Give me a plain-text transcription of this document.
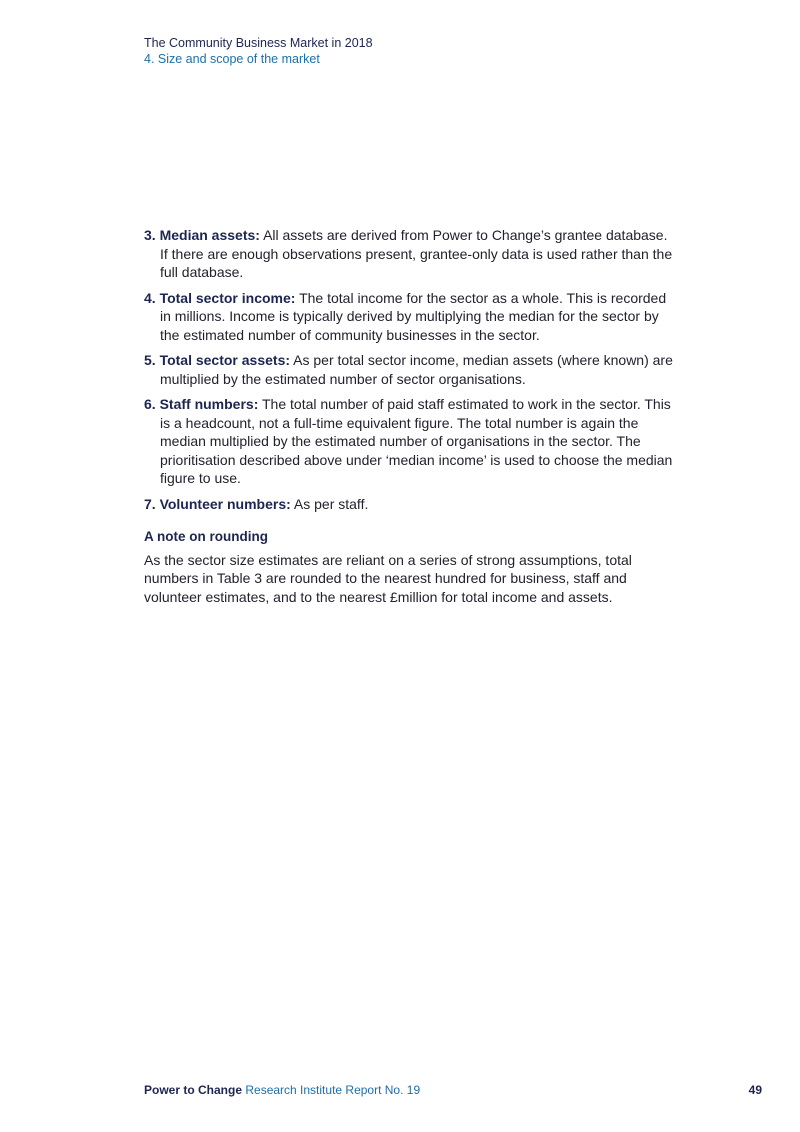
The Community Business Market in 2018
4. Size and scope of the market
3. Median assets: All assets are derived from Power to Change’s grantee database. If there are enough observations present, grantee-only data is used rather than the full database.
4. Total sector income: The total income for the sector as a whole. This is recorded in millions. Income is typically derived by multiplying the median for the sector by the estimated number of community businesses in the sector.
5. Total sector assets: As per total sector income, median assets (where known) are multiplied by the estimated number of sector organisations.
6. Staff numbers: The total number of paid staff estimated to work in the sector. This is a headcount, not a full-time equivalent figure. The total number is again the median multiplied by the estimated number of organisations in the sector. The prioritisation described above under ‘median income’ is used to choose the median figure to use.
7. Volunteer numbers: As per staff.
A note on rounding

As the sector size estimates are reliant on a series of strong assumptions, total numbers in Table 3 are rounded to the nearest hundred for business, staff and volunteer estimates, and to the nearest £million for total income and assets.

Power to Change Research Institute Report No. 19	49
